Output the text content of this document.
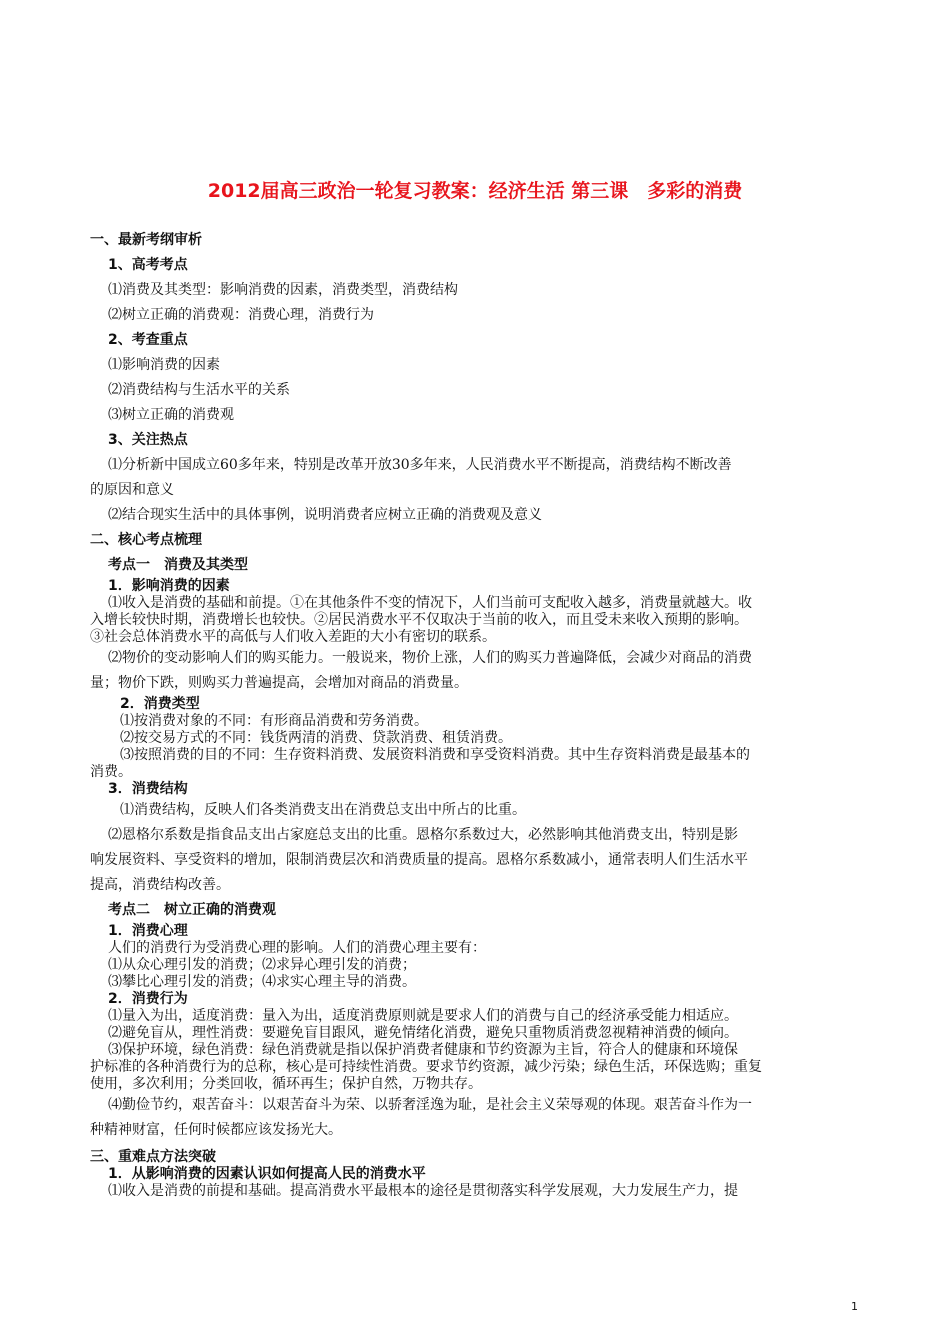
2012届高三政治一轮复习教案：经济生活 第三课　多彩的消费

一、最新考纲审析

1、高考考点

⑴消费及其类型：影响消费的因素，消费类型，消费结构

⑵树立正确的消费观：消费心理，消费行为

2、考查重点

⑴影响消费的因素

⑵消费结构与生活水平的关系

⑶树立正确的消费观

3、关注热点

⑴分析新中国成立60多年来，特别是改革开放30多年来，人民消费水平不断提高，消费结构不断改善

的原因和意义

⑵结合现实生活中的具体事例，说明消费者应树立正确的消费观及意义

二、核心考点梳理

考点一　消费及其类型

1．影响消费的因素

⑴收入是消费的基础和前提。①在其他条件不变的情况下，人们当前可支配收入越多，消费量就越大。收

入增长较快时期，消费增长也较快。②居民消费水平不仅取决于当前的收入，而且受未来收入预期的影响。

③社会总体消费水平的高低与人们收入差距的大小有密切的联系。

⑵物价的变动影响人们的购买能力。一般说来，物价上涨，人们的购买力普遍降低，会减少对商品的消费

量；物价下跌，则购买力普遍提高，会增加对商品的消费量。

2．消费类型

⑴按消费对象的不同：有形商品消费和劳务消费。

⑵按交易方式的不同：钱货两清的消费、贷款消费、租赁消费。

⑶按照消费的目的不同：生存资料消费、发展资料消费和享受资料消费。其中生存资料消费是最基本的

消费。

3．消费结构

⑴消费结构，反映人们各类消费支出在消费总支出中所占的比重。

⑵恩格尔系数是指食品支出占家庭总支出的比重。恩格尔系数过大，必然影响其他消费支出，特别是影

响发展资料、享受资料的增加，限制消费层次和消费质量的提高。恩格尔系数减小，通常表明人们生活水平

提高，消费结构改善。

考点二　树立正确的消费观

1．消费心理

人们的消费行为受消费心理的影响。人们的消费心理主要有：

⑴从众心理引发的消费；⑵求异心理引发的消费；

⑶攀比心理引发的消费；⑷求实心理主导的消费。

2．消费行为

⑴量入为出，适度消费：量入为出，适度消费原则就是要求人们的消费与自己的经济承受能力相适应。

⑵避免盲从，理性消费：要避免盲目跟风，避免情绪化消费，避免只重物质消费忽视精神消费的倾向。

⑶保护环境，绿色消费：绿色消费就是指以保护消费者健康和节约资源为主旨，符合人的健康和环境保

护标准的各种消费行为的总称，核心是可持续性消费。要求节约资源，减少污染；绿色生活，环保选购；重复

使用，多次利用；分类回收，循环再生；保护自然，万物共存。

⑷勤俭节约，艰苦奋斗：以艰苦奋斗为荣、以骄奢淫逸为耻，是社会主义荣辱观的体现。艰苦奋斗作为一

种精神财富，任何时候都应该发扬光大。

三、重难点方法突破

1．从影响消费的因素认识如何提高人民的消费水平

⑴收入是消费的前提和基础。提高消费水平最根本的途径是贯彻落实科学发展观，大力发展生产力，提

1
